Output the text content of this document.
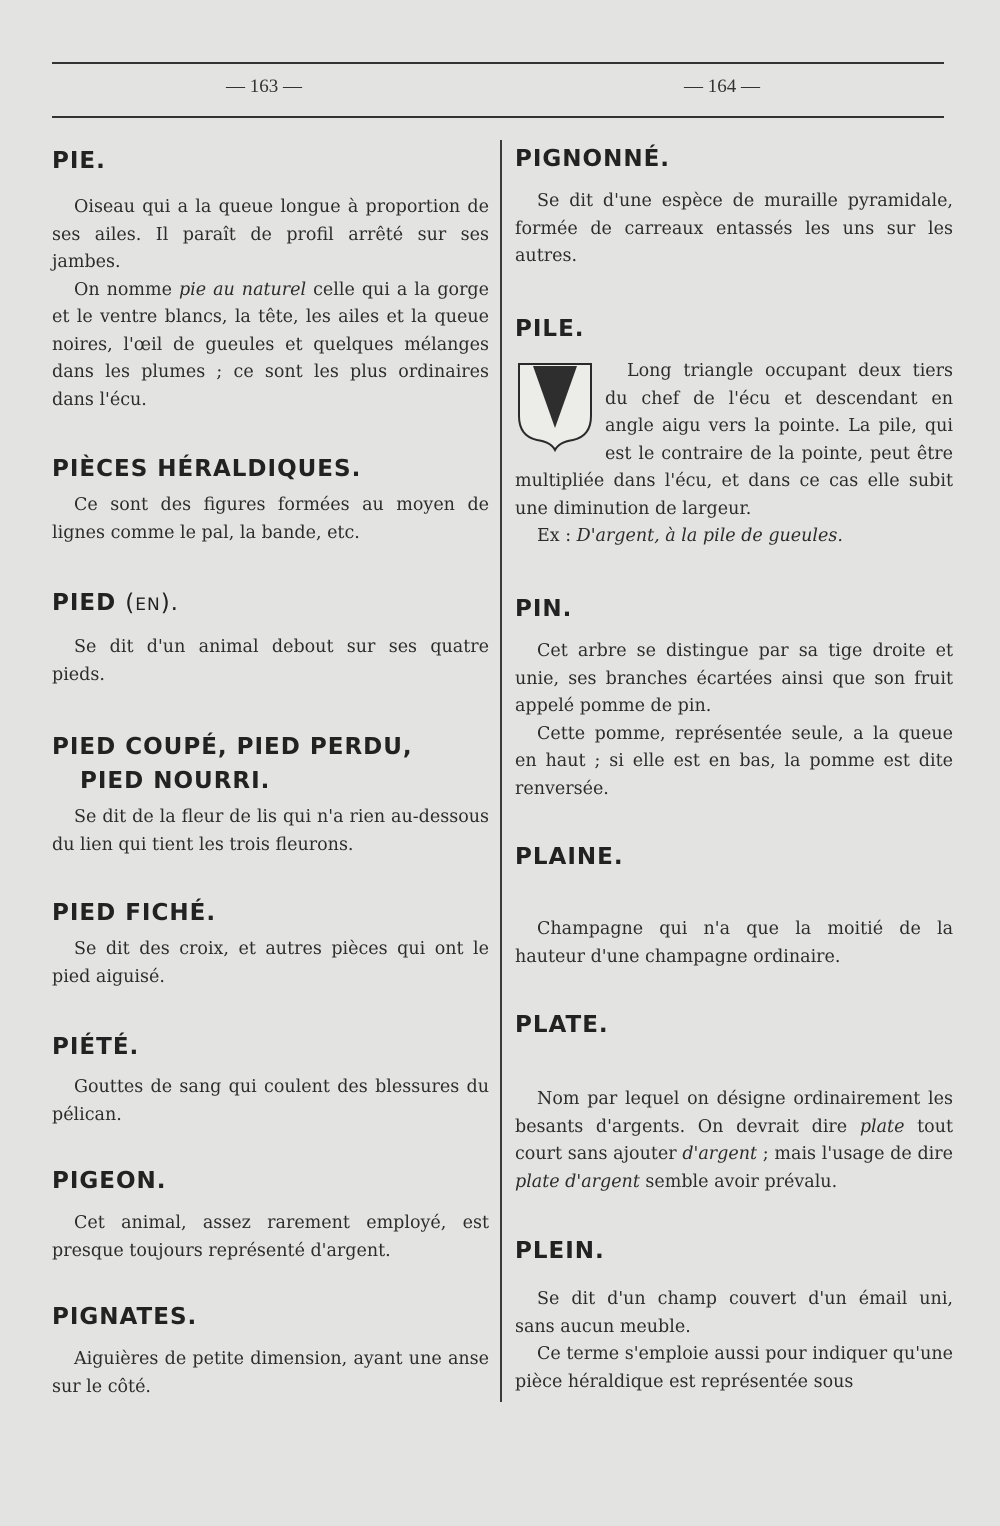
— 163 —	— 164 —
PIE.

Oiseau qui a la queue longue à proportion de ses ailes. Il paraît de profil arrêté sur ses jambes.

On nomme pie au naturel celle qui a la gorge et le ventre blancs, la tête, les ailes et la queue noires, l'œil de gueules et quelques mélanges dans les plumes ; ce sont les plus ordinaires dans l'écu.

PIÈCES HÉRALDIQUES.

Ce sont des figures formées au moyen de lignes comme le pal, la bande, etc.

PIED (EN).

Se dit d'un animal debout sur ses quatre pieds.

PIED COUPÉ, PIED PERDU,
PIED NOURRI.

Se dit de la fleur de lis qui n'a rien au-dessous du lien qui tient les trois fleurons.

PIED FICHÉ.

Se dit des croix, et autres pièces qui ont le pied aiguisé.

PIÉTÉ.

Gouttes de sang qui coulent des blessures du pélican.

PIGEON.

Cet animal, assez rarement employé, est presque toujours représenté d'argent.

PIGNATES.

Aiguières de petite dimension, ayant une anse sur le côté.

PIGNONNÉ.

Se dit d'une espèce de muraille pyramidale, formée de carreaux entassés les uns sur les autres.

PILE.

Long triangle occupant deux tiers du chef de l'écu et descendant en angle aigu vers la pointe. La pile, qui est le contraire de la pointe, peut être multipliée dans l'écu, et dans ce cas elle subit une diminution de largeur.

Ex : D'argent, à la pile de gueules.

PIN.

Cet arbre se distingue par sa tige droite et unie, ses branches écartées ainsi que son fruit appelé pomme de pin.

Cette pomme, représentée seule, a la queue en haut ; si elle est en bas, la pomme est dite renversée.

PLAINE.

Champagne qui n'a que la moitié de la hauteur d'une champagne ordinaire.

PLATE.

Nom par lequel on désigne ordinairement les besants d'argents. On devrait dire plate tout court sans ajouter d'argent ; mais l'usage de dire plate d'argent semble avoir prévalu.

PLEIN.

Se dit d'un champ couvert d'un émail uni, sans aucun meuble.

Ce terme s'emploie aussi pour indiquer qu'une pièce héraldique est représentée sous
